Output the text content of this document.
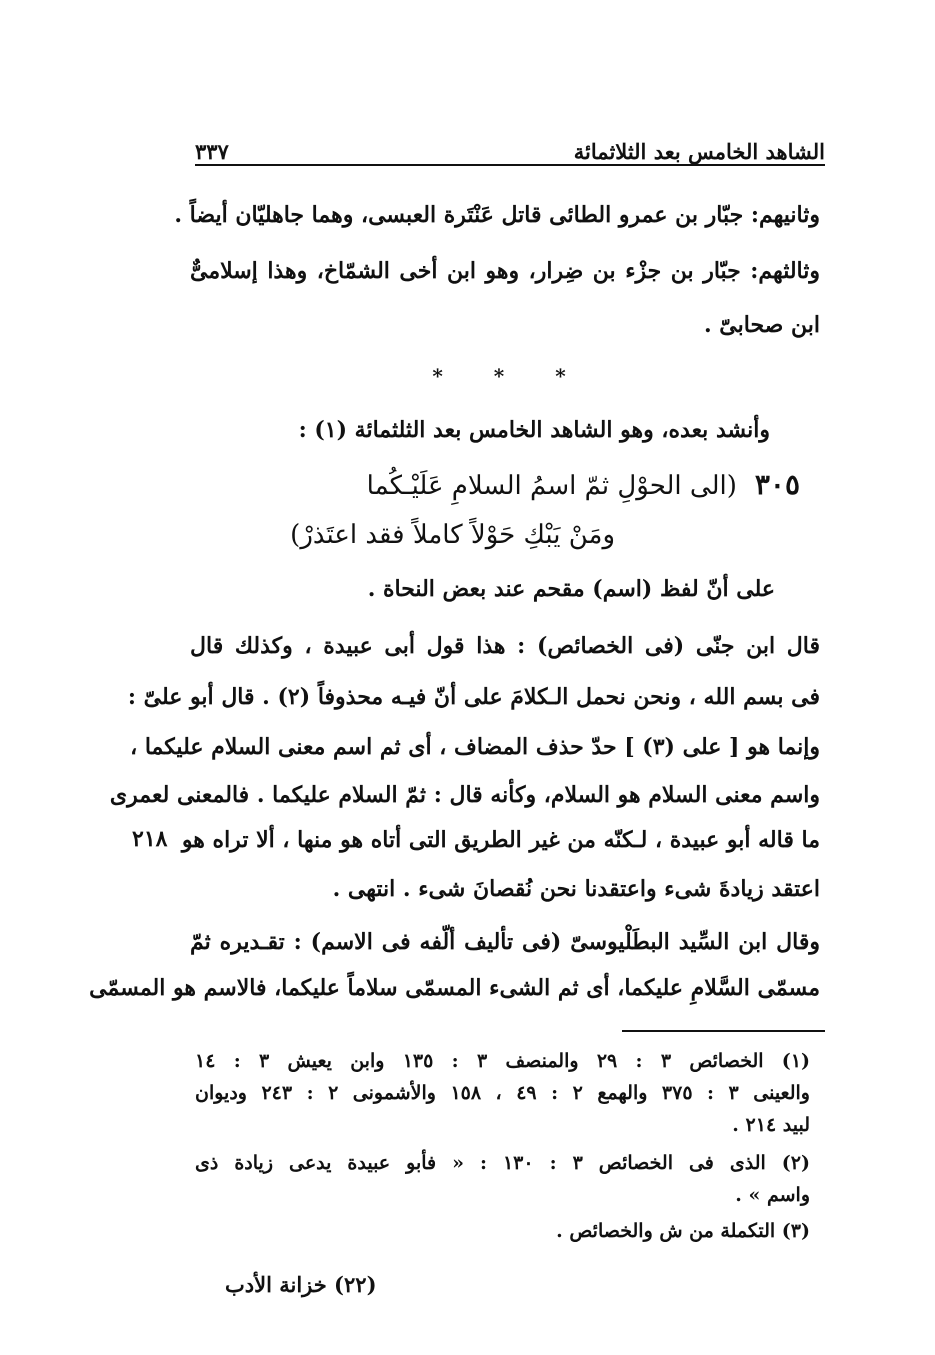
الشاهد الخامس بعد الثلاثمائة
٣٣٧
وثانيهم: جبّار بن عمرو الطائى قاتل عَنْتَرة العبسى، وهما جاهليّان أيضاً .
وثالثهم: جبّار بن جزْء بن ضِرار، وهو ابن أخى الشمّاخ، وهذا إسلامىٌّ
ابن صحابىّ .
* * *
وأنشد بعده، وهو الشاهد الخامس بعد الثلثمائة (١) :
٣٠٥(الى الحوْلِ ثمّ اسمُ السلامِ عَلَيْـكُما
ومَنْ يَبْكِ حَوْلاً كاملاً فقد اعتَذرْ)
على أنّ لفظ (اسم) مقحم عند بعض النحاة .
قال ابن جنّى (فى الخصائص) : هذا قول أبى عبيدة ، وكذلك قال
فى بسم الله ، ونحن نحمل الـكلامَ على أنّ فيـه محذوفاً (٢) . قال أبو علىّ :
وإنما هو [ على (٣) ] حدّ حذف المضاف ، أى ثم اسم معنى السلام عليكما ،
واسم معنى السلام هو السلام، وكأنه قال : ثمّ السلام عليكما . فالمعنى لعمرى
ما قاله أبو عبيدة ، لـكنّه من غير الطريق التى أتاه هو منها ، ألا تراه هو
اعتقد زيادةَ شىء واعتقدنا نحن نُقصانَ شىء . انتهى .
٢١٨
وقال ابن السِّيد البطَلْيوسىّ (فى تأليف ألّفه فى الاسم) : تقـديره ثمّ
مسمّى السَّلامِ عليكما، أى ثم الشىء المسمّى سلاماً عليكما، فالاسم هو المسمّى
(١) الخصائص ٣ : ٢٩ والمنصف ٣ : ١٣٥ وابن يعيش ٣ : ١٤
والعينى ٣ : ٣٧٥ والهمع ٢ : ٤٩ ، ١٥٨ والأشمونى ٢ : ٢٤٣ وديوان
لبيد ٢١٤ .
(٢) الذى فى الخصائص ٣ : ١٣٠ : « فأبو عبيدة يدعى زيادة ذى
واسم » .
(٣) التكملة من ش والخصائص .
(٢٢) خزانة الأدب
